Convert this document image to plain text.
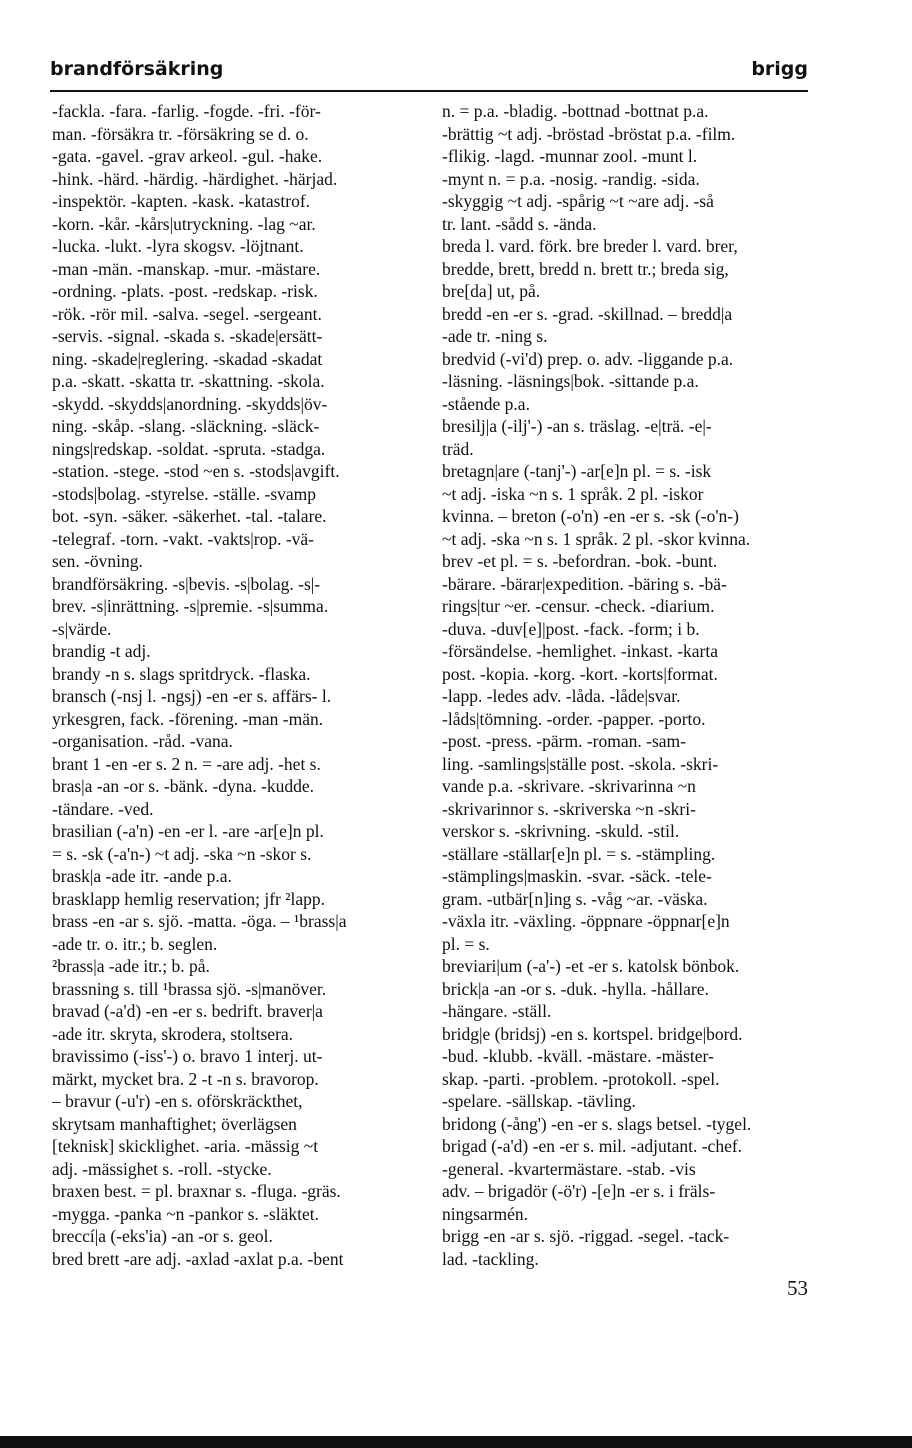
brandförsäkring	brigg
-fackla. -fara. -farlig. -fogde. -fri. -för-
man. -försäkra tr. -försäkring se d. o.
-gata. -gavel. -grav arkeol. -gul. -hake.
-hink. -härd. -härdig. -härdighet. -härjad.
-inspektör. -kapten. -kask. -katastrof.
-korn. -kår. -kårs|utryckning. -lag ~ar.
-lucka. -lukt. -lyra skogsv. -löjtnant.
-man -män. -manskap. -mur. -mästare.
-ordning. -plats. -post. -redskap. -risk.
-rök. -rör mil. -salva. -segel. -sergeant.
-servis. -signal. -skada s. -skade|ersätt-
ning. -skade|reglering. -skadad -skadat
p.a. -skatt. -skatta tr. -skattning. -skola.
-skydd. -skydds|anordning. -skydds|öv-
ning. -skåp. -slang. -släckning. -släck-
nings|redskap. -soldat. -spruta. -stadga.
-station. -stege. -stod ~en s. -stods|avgift.
-stods|bolag. -styrelse. -ställe. -svamp
bot. -syn. -säker. -säkerhet. -tal. -talare.
-telegraf. -torn. -vakt. -vakts|rop. -vä-
sen. -övning.
brandförsäkring. -s|bevis. -s|bolag. -s|-
brev. -s|inrättning. -s|premie. -s|summa.
-s|värde.
brandig -t adj.
brandy -n s. slags spritdryck. -flaska.
bransch (-nsj l. -ngsj) -en -er s. affärs- l.
yrkesgren, fack. -förening. -man -män.
-organisation. -råd. -vana.
brant 1 -en -er s. 2 n. = -are adj. -het s.
bras|a -an -or s. -bänk. -dyna. -kudde.
-tändare. -ved.
brasilian (-a'n) -en -er l. -are -ar[e]n pl.
= s. -sk (-a'n-) ~t adj. -ska ~n -skor s.
brask|a -ade itr. -ande p.a.
brasklapp hemlig reservation; jfr ²lapp.
brass -en -ar s. sjö. -matta. -öga. – ¹brass|a
-ade tr. o. itr.; b. seglen.
²brass|a -ade itr.; b. på.
brassning s. till ¹brassa sjö. -s|manöver.
bravad (-a'd) -en -er s. bedrift. braver|a
-ade itr. skryta, skrodera, stoltsera.
bravissimo (-iss'-) o. bravo 1 interj. ut-
märkt, mycket bra. 2 -t -n s. bravorop.
– bravur (-u'r) -en s. oförskräckthet,
skrytsam manhaftighet; överlägsen
[teknisk] skicklighet. -aria. -mässig ~t
adj. -mässighet s. -roll. -stycke.
braxen best. = pl. braxnar s. -fluga. -gräs.
-mygga. -panka ~n -pankor s. -släktet.
breccí|a (-eks'ia) -an -or s. geol.
bred brett -are adj. -axlad -axlat p.a. -bent
n. = p.a. -bladig. -bottnad -bottnat p.a.
-brättig ~t adj. -bröstad -bröstat p.a. -film.
-flikig. -lagd. -munnar zool. -munt l.
-mynt n. = p.a. -nosig. -randig. -sida.
-skyggig ~t adj. -spårig ~t ~are adj. -så
tr. lant. -sådd s. -ända.
breda l. vard. förk. bre breder l. vard. brer,
bredde, brett, bredd n. brett tr.; breda sig,
bre[da] ut, på.
bredd -en -er s. -grad. -skillnad. – bredd|a
-ade tr. -ning s.
bredvid (-vi'd) prep. o. adv. -liggande p.a.
-läsning. -läsnings|bok. -sittande p.a.
-stående p.a.
bresilj|a (-ilj'-) -an s. träslag. -e|trä. -e|-
träd.
bretagn|are (-tanj'-) -ar[e]n pl. = s. -isk
~t adj. -iska ~n s. 1 språk. 2 pl. -iskor
kvinna. – breton (-o'n) -en -er s. -sk (-o'n-)
~t adj. -ska ~n s. 1 språk. 2 pl. -skor kvinna.
brev -et pl. = s. -befordran. -bok. -bunt.
-bärare. -bärar|expedition. -bäring s. -bä-
rings|tur ~er. -censur. -check. -diarium.
-duva. -duv[e]|post. -fack. -form; i b.
-försändelse. -hemlighet. -inkast. -karta
post. -kopia. -korg. -kort. -korts|format.
-lapp. -ledes adv. -låda. -låde|svar.
-låds|tömning. -order. -papper. -porto.
-post. -press. -pärm. -roman. -sam-
ling. -samlings|ställe post. -skola. -skri-
vande p.a. -skrivare. -skrivarinna ~n
-skrivarinnor s. -skriverska ~n -skri-
verskor s. -skrivning. -skuld. -stil.
-ställare -ställar[e]n pl. = s. -stämpling.
-stämplings|maskin. -svar. -säck. -tele-
gram. -utbär[n]ing s. -våg ~ar. -väska.
-växla itr. -växling. -öppnare -öppnar[e]n
pl. = s.
breviari|um (-a'-) -et -er s. katolsk bönbok.
brick|a -an -or s. -duk. -hylla. -hållare.
-hängare. -ställ.
bridg|e (bridsj) -en s. kortspel. bridge|bord.
-bud. -klubb. -kväll. -mästare. -mäster-
skap. -parti. -problem. -protokoll. -spel.
-spelare. -sällskap. -tävling.
bridong (-ång') -en -er s. slags betsel. -tygel.
brigad (-a'd) -en -er s. mil. -adjutant. -chef.
-general. -kvartermästare. -stab. -vis
adv. – brigadör (-ö'r) -[e]n -er s. i fräls-
ningsarmén.
brigg -en -ar s. sjö. -riggad. -segel. -tack-
lad. -tackling.
53
